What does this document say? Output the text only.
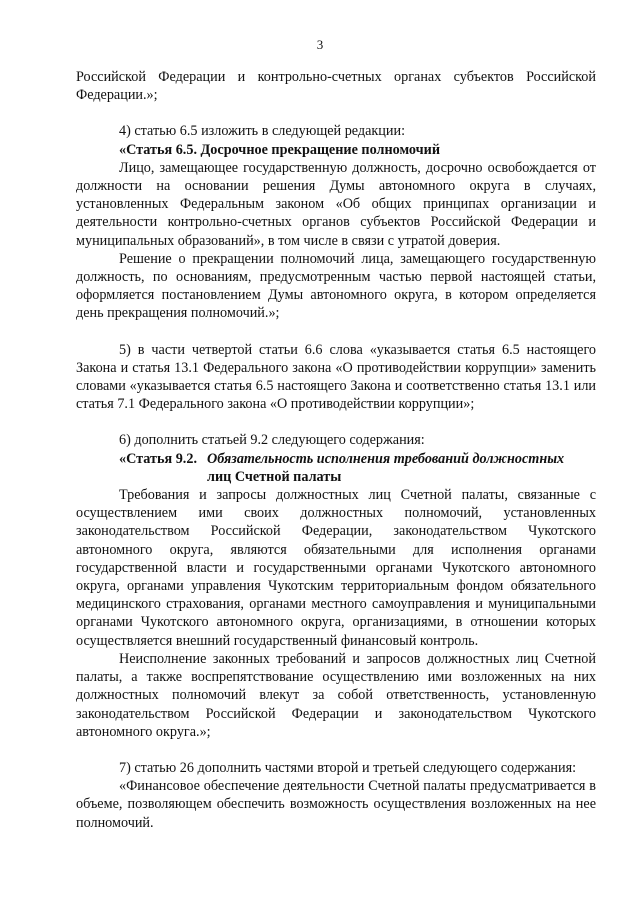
3

Российской Федерации и контрольно-счетных органах субъектов Российской Федерации.»;

4) статью 6.5 изложить в следующей редакции:

«Статья 6.5. Досрочное прекращение полномочий

Лицо, замещающее государственную должность, досрочно освобождается от должности на основании решения Думы автономного округа в случаях, установленных Федеральным законом «Об общих принципах организации и деятельности контрольно-счетных органов субъектов Российской Федерации и муниципальных образований», в том числе в связи с утратой доверия.

Решение о прекращении полномочий лица, замещающего государственную должность, по основаниям, предусмотренным частью первой настоящей статьи, оформляется постановлением Думы автономного округа, в котором определяется день прекращения полномочий.»;

5) в части четвертой статьи 6.6 слова «указывается статья 6.5 настоящего Закона и статья 13.1 Федерального закона «О противодействии коррупции» заменить словами «указывается статья 6.5 настоящего Закона и соответственно статья 13.1 или статья 7.1 Федерального закона «О противодействии коррупции»;

6) дополнить статьей 9.2 следующего содержания:

«Статья 9.2. Обязательность исполнения требований должностных
лиц Счетной палаты

Требования и запросы должностных лиц Счетной палаты, связанные с осуществлением ими своих должностных полномочий, установленных законодательством Российской Федерации, законодательством Чукотского автономного округа, являются обязательными для исполнения органами государственной власти и государственными органами Чукотского автономного округа, органами управления Чукотским территориальным фондом обязательного медицинского страхования, органами местного самоуправления и муниципальными органами Чукотского автономного округа, организациями, в отношении которых осуществляется внешний государственный финансовый контроль.

Неисполнение законных требований и запросов должностных лиц Счетной палаты, а также воспрепятствование осуществлению ими возложенных на них должностных полномочий влекут за собой ответственность, установленную законодательством Российской Федерации и законодательством Чукотского автономного округа.»;

7) статью 26 дополнить частями второй и третьей следующего содержания:

«Финансовое обеспечение деятельности Счетной палаты предусматривается в объеме, позволяющем обеспечить возможность осуществления возложенных на нее полномочий.
